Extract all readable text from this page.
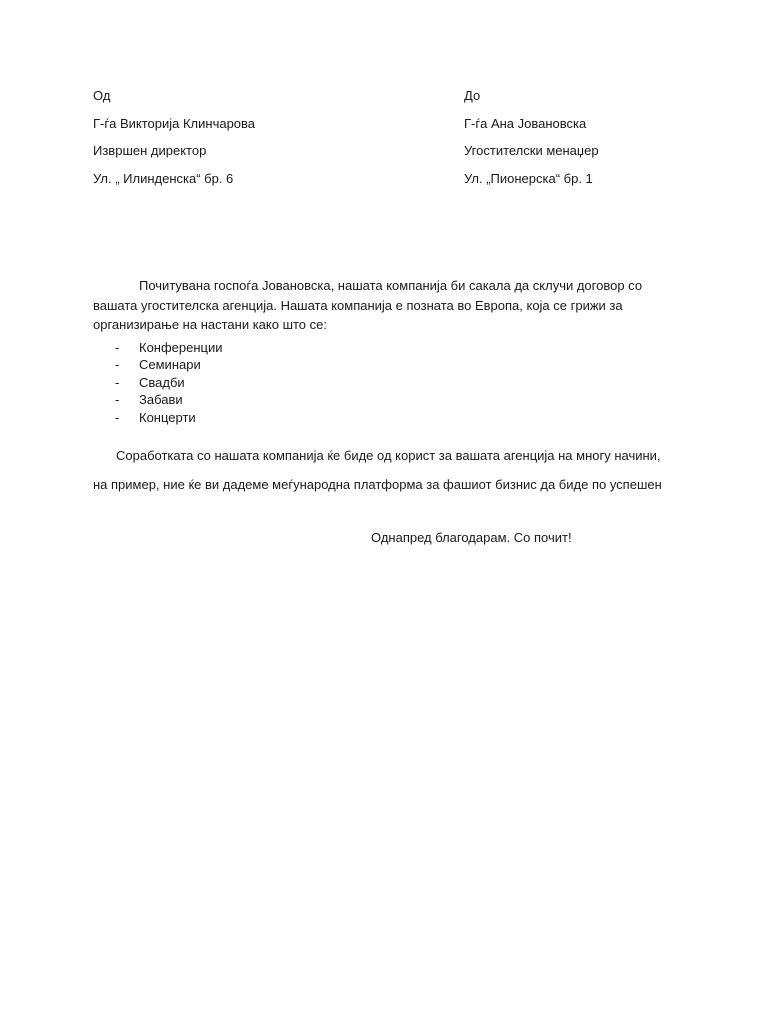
Од
Г-ѓа Викторија Клинчарова
Извршен директор
Ул. „ Илинденска“ бр. 6
До
Г-ѓа Ана Јовановска
Угостителски менаџер
Ул. „Пионерска“ бр. 1

Почитувана госпоѓа Јовановска, нашата компанија би сакала да склучи договор со вашата угостителска агенција. Нашата компанија е позната во Европа, која се грижи за организирање на настани како што се:

- Конференции
- Семинари
- Свадби
- Забави
- Концерти
Соработката со нашата компанија ќе биде од корист за вашата агенција на многу начини,
на пример, ние ќе ви дадеме меѓународна платформа за фашиот бизнис да биде по успешен
Однапред благодарам. Со почит!
